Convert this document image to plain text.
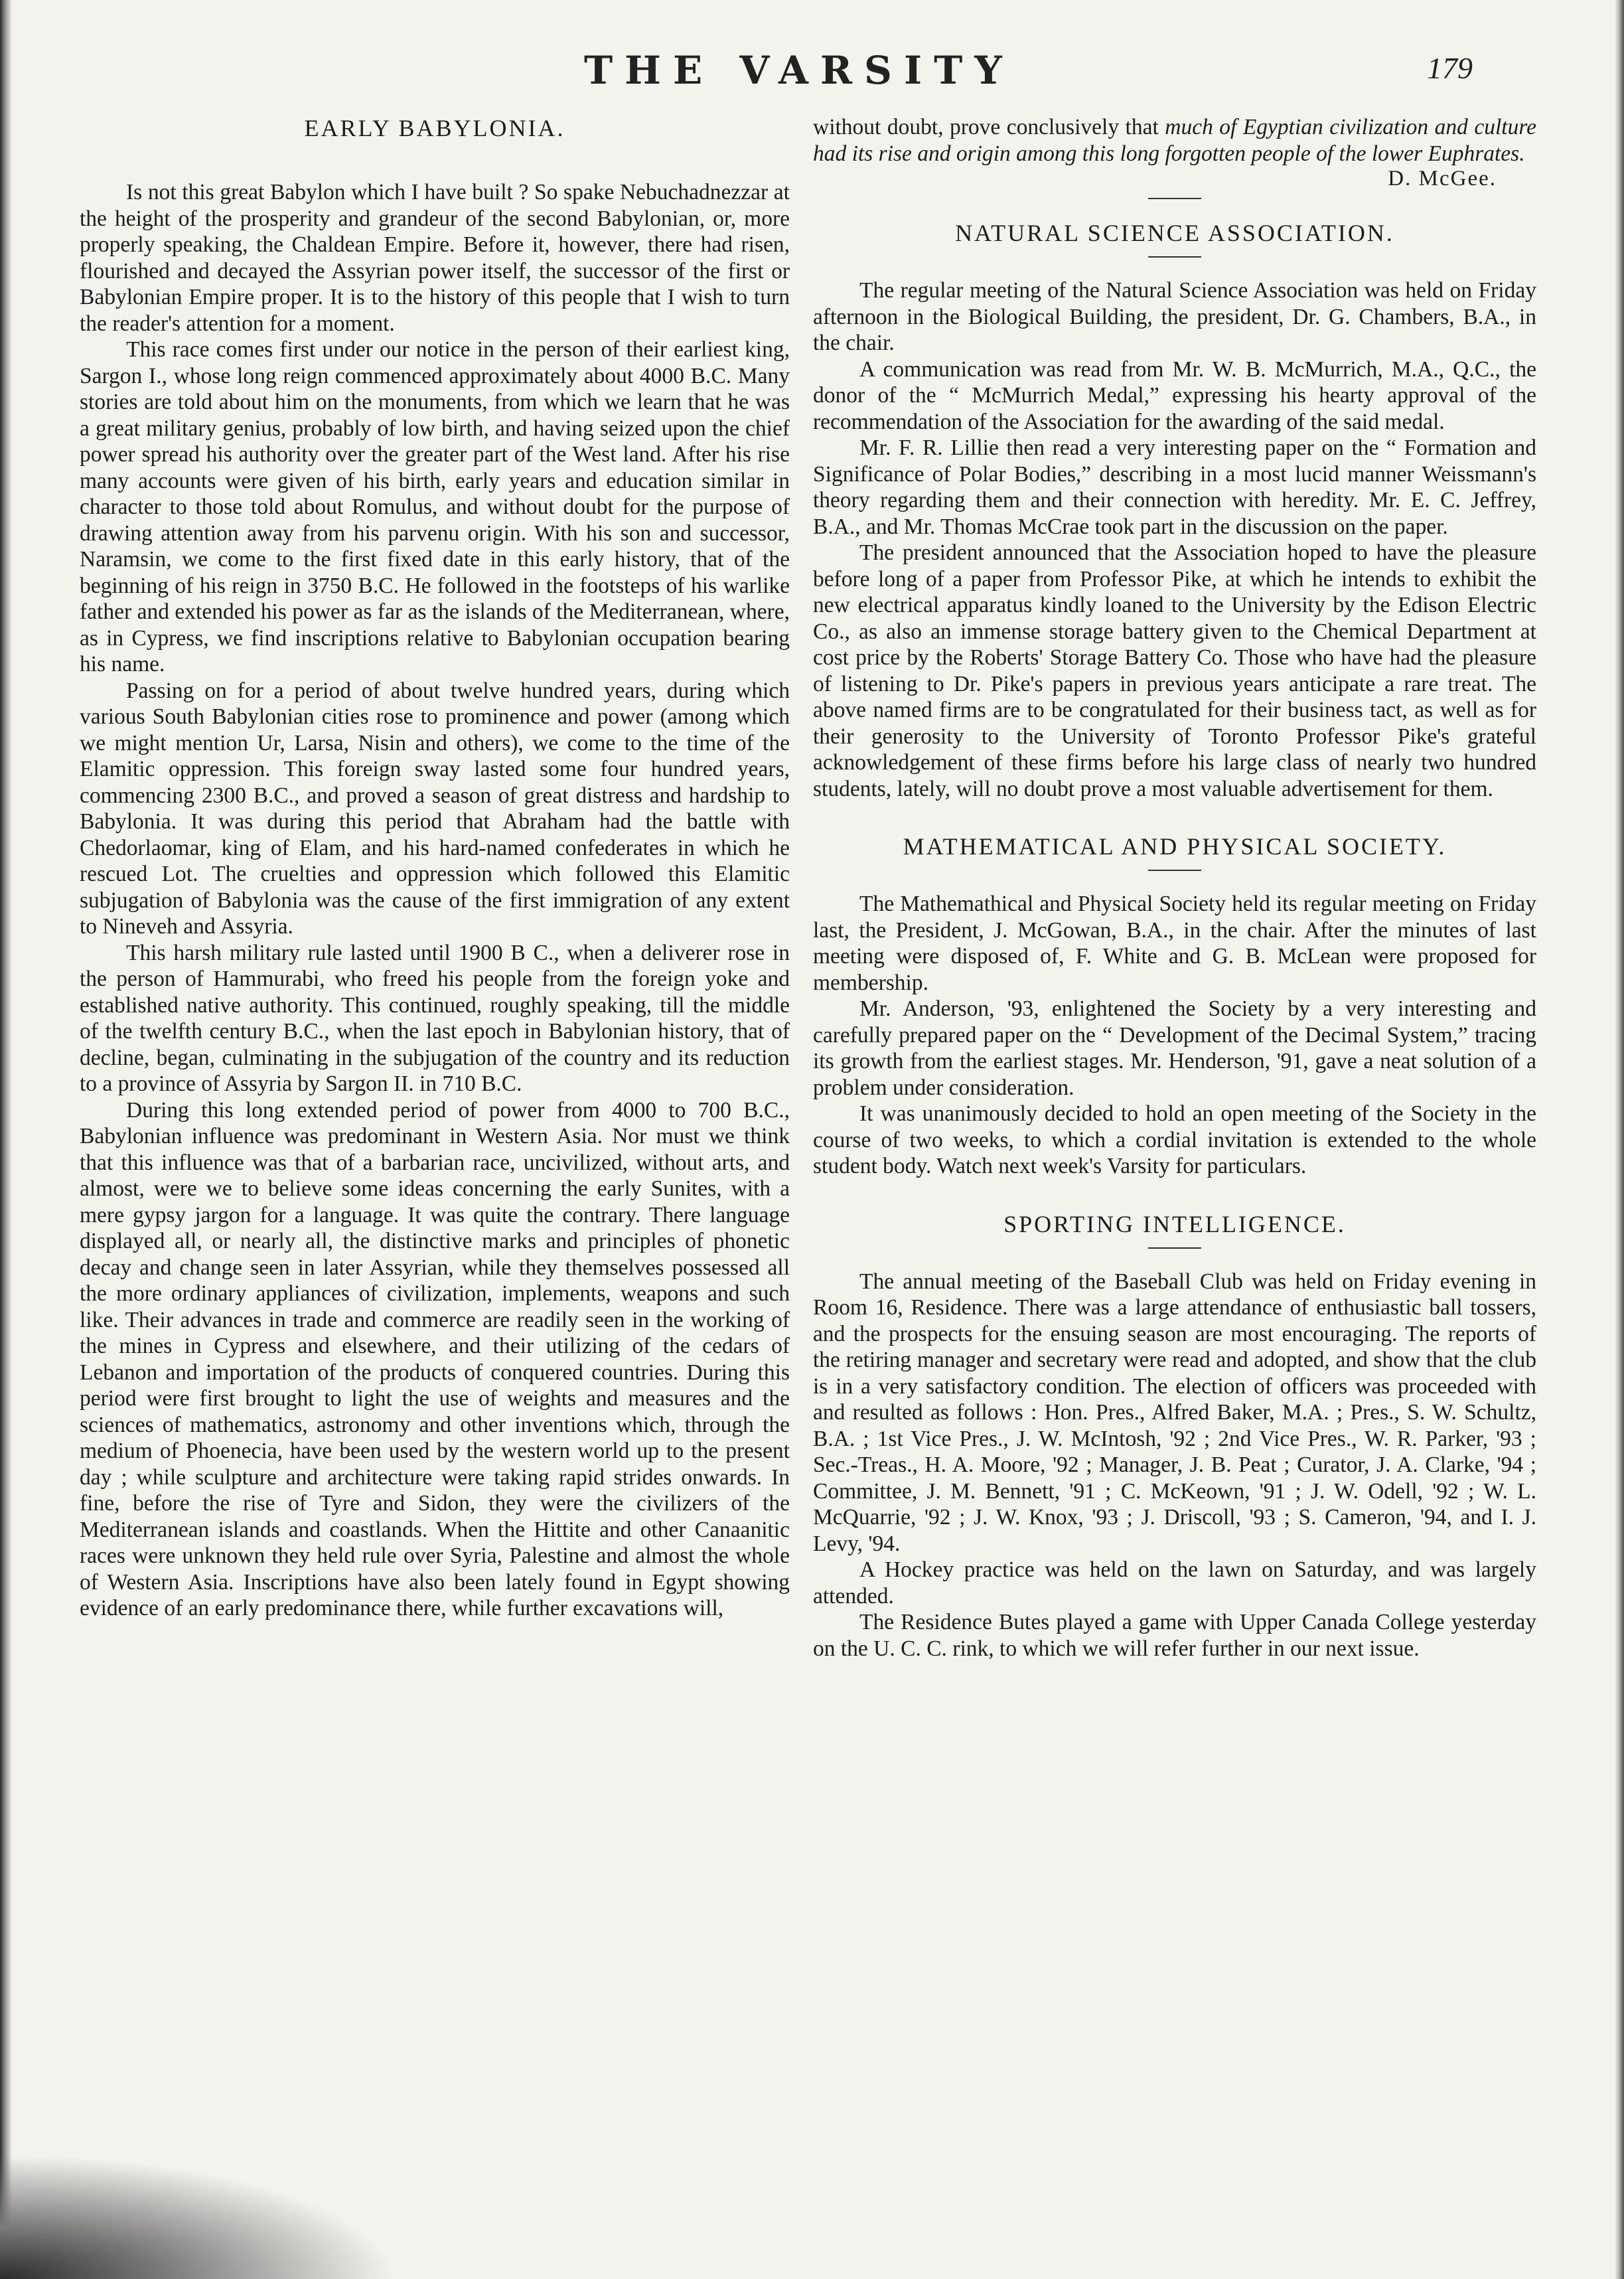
THE VARSITY	179
EARLY BABYLONIA.

Is not this great Babylon which I have built ? So spake Nebuchadnezzar at the height of the prosperity and grandeur of the second Babylonian, or, more properly speaking, the Chaldean Empire. Before it, however, there had risen, flourished and decayed the Assyrian power itself, the successor of the first or Babylonian Empire proper. It is to the history of this people that I wish to turn the reader's attention for a moment.

This race comes first under our notice in the person of their earliest king, Sargon I., whose long reign commenced approximately about 4000 B.C. Many stories are told about him on the monuments, from which we learn that he was a great military genius, probably of low birth, and having seized upon the chief power spread his authority over the greater part of the West land. After his rise many accounts were given of his birth, early years and education similar in character to those told about Romulus, and without doubt for the purpose of drawing attention away from his parvenu origin. With his son and successor, Naramsin, we come to the first fixed date in this early history, that of the beginning of his reign in 3750 B.C. He followed in the footsteps of his warlike father and extended his power as far as the islands of the Mediterranean, where, as in Cypress, we find inscriptions relative to Babylonian occupation bearing his name.

Passing on for a period of about twelve hundred years, during which various South Babylonian cities rose to prominence and power (among which we might mention Ur, Larsa, Nisin and others), we come to the time of the Elamitic oppression. This foreign sway lasted some four hundred years, commencing 2300 B.C., and proved a season of great distress and hardship to Babylonia. It was during this period that Abraham had the battle with Chedorlaomar, king of Elam, and his hard-named confederates in which he rescued Lot. The cruelties and oppression which followed this Elamitic subjugation of Babylonia was the cause of the first immigration of any extent to Nineveh and Assyria.

This harsh military rule lasted until 1900 B C., when a deliverer rose in the person of Hammurabi, who freed his people from the foreign yoke and established native authority. This continued, roughly speaking, till the middle of the twelfth century B.C., when the last epoch in Babylonian history, that of decline, began, culminating in the subjugation of the country and its reduction to a province of Assyria by Sargon II. in 710 B.C.

During this long extended period of power from 4000 to 700 B.C., Babylonian influence was predominant in Western Asia. Nor must we think that this influence was that of a barbarian race, uncivilized, without arts, and almost, were we to believe some ideas concerning the early Sunites, with a mere gypsy jargon for a language. It was quite the contrary. There language displayed all, or nearly all, the distinctive marks and principles of phonetic decay and change seen in later Assyrian, while they themselves possessed all the more ordinary appliances of civilization, implements, weapons and such like. Their advances in trade and commerce are readily seen in the working of the mines in Cypress and elsewhere, and their utilizing of the cedars of Lebanon and importation of the products of conquered countries. During this period were first brought to light the use of weights and measures and the sciences of mathematics, astronomy and other inventions which, through the medium of Phoenecia, have been used by the western world up to the present day ; while sculpture and architecture were taking rapid strides onwards. In fine, before the rise of Tyre and Sidon, they were the civilizers of the Mediterranean islands and coastlands. When the Hittite and other Canaanitic races were unknown they held rule over Syria, Palestine and almost the whole of Western Asia. Inscriptions have also been lately found in Egypt showing evidence of an early predominance there, while further excavations will,

without doubt, prove conclusively that much of Egyptian civilization and culture had its rise and origin among this long forgotten people of the lower Euphrates.

D. McGee.
NATURAL SCIENCE ASSOCIATION.

The regular meeting of the Natural Science Association was held on Friday afternoon in the Biological Building, the president, Dr. G. Chambers, B.A., in the chair.

A communication was read from Mr. W. B. McMurrich, M.A., Q.C., the donor of the “ McMurrich Medal,” expressing his hearty approval of the recommendation of the Association for the awarding of the said medal.

Mr. F. R. Lillie then read a very interesting paper on the “ Formation and Significance of Polar Bodies,” describing in a most lucid manner Weissmann's theory regarding them and their connection with heredity. Mr. E. C. Jeffrey, B.A., and Mr. Thomas McCrae took part in the discussion on the paper.

The president announced that the Association hoped to have the pleasure before long of a paper from Professor Pike, at which he intends to exhibit the new electrical apparatus kindly loaned to the University by the Edison Electric Co., as also an immense storage battery given to the Chemical Department at cost price by the Roberts' Storage Battery Co. Those who have had the pleasure of listening to Dr. Pike's papers in previous years anticipate a rare treat. The above named firms are to be congratulated for their business tact, as well as for their generosity to the University of Toronto Professor Pike's grateful acknowledgement of these firms before his large class of nearly two hundred students, lately, will no doubt prove a most valuable advertisement for them.

MATHEMATICAL AND PHYSICAL SOCIETY.

The Mathemathical and Physical Society held its regular meeting on Friday last, the President, J. McGowan, B.A., in the chair. After the minutes of last meeting were disposed of, F. White and G. B. McLean were proposed for membership.

Mr. Anderson, '93, enlightened the Society by a very interesting and carefully prepared paper on the “ Development of the Decimal System,” tracing its growth from the earliest stages. Mr. Henderson, '91, gave a neat solution of a problem under consideration.

It was unanimously decided to hold an open meeting of the Society in the course of two weeks, to which a cordial invitation is extended to the whole student body. Watch next week's Varsity for particulars.

SPORTING INTELLIGENCE.

The annual meeting of the Baseball Club was held on Friday evening in Room 16, Residence. There was a large attendance of enthusiastic ball tossers, and the prospects for the ensuing season are most encouraging. The reports of the retiring manager and secretary were read and adopted, and show that the club is in a very satisfactory condition. The election of officers was proceeded with and resulted as follows : Hon. Pres., Alfred Baker, M.A. ; Pres., S. W. Schultz, B.A. ; 1st Vice Pres., J. W. McIntosh, '92 ; 2nd Vice Pres., W. R. Parker, '93 ; Sec.-Treas., H. A. Moore, '92 ; Manager, J. B. Peat ; Curator, J. A. Clarke, '94 ; Committee, J. M. Bennett, '91 ; C. McKeown, '91 ; J. W. Odell, '92 ; W. L. McQuarrie, '92 ; J. W. Knox, '93 ; J. Driscoll, '93 ; S. Cameron, '94, and I. J. Levy, '94.

A Hockey practice was held on the lawn on Saturday, and was largely attended.

The Residence Butes played a game with Upper Canada College yesterday on the U. C. C. rink, to which we will refer further in our next issue.
